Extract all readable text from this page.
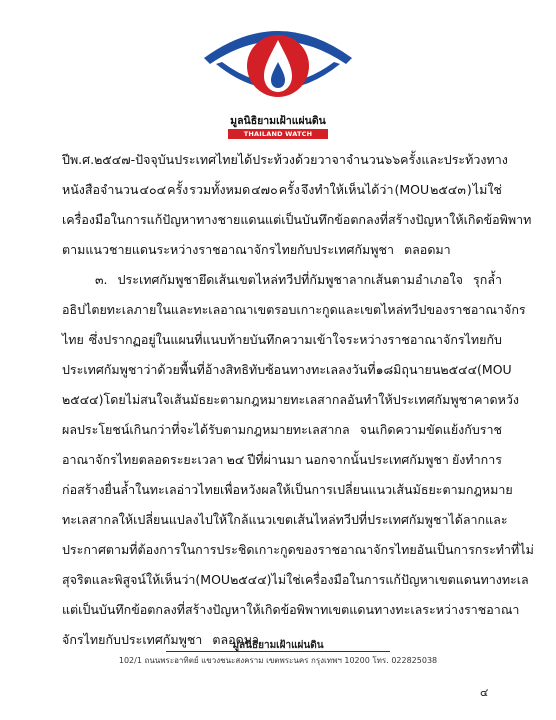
มูลนิธิยามเฝ้าแผ่นดิน
THAILAND WATCH FOUNDATION
ปี พ.ศ. ๒๕๔๗-ปัจจุบัน ประเทศไทยได้ประท้วงด้วยวาจาจำนวน ๖๖ ครั้งและประท้วงทาง
หนังสือจำนวน ๔๐๔ ครั้ง รวมทั้งหมด ๔๗๐ ครั้ง จึงทำให้เห็นได้ว่า (MOU ๒๕๔๓ ) ไม่ใช่
เครื่องมือในการแก้ปัญหาทางชายแดน แต่เป็นบันทึกข้อตกลงที่สร้างปัญหาให้เกิดข้อพิพาท
ตามแนวชายแดนระหว่างราชอาณาจักรไทยกับประเทศกัมพูชา ตลอดมา
๓. ประเทศกัมพูชายึดเส้นเขตไหล่ทวีปที่กัมพูชาลากเส้นตามอำเภอใจ รุกล้ำ
อธิปไตยทะเลภายในและทะเลอาณาเขตรอบเกาะกูด และเขตไหล่ทวีปของราชอาณาจักร
ไทย ซึ่งปรากฏอยู่ในแผนที่แนบท้ายบันทึกความเข้าใจระหว่างราชอาณาจักรไทยกับ
ประเทศกัมพูชา ว่าด้วยพื้นที่อ้างสิทธิทับซ้อนทางทะเล ลงวันที่ ๑๘ มิถุนายน ๒๕๔๔ (MOU
๒๕๔๔) โดยไม่สนใจเส้นมัธยะ ตามกฎหมายทะเลสากล อันทำให้ประเทศกัมพูชาคาดหวัง
ผลประโยชน์เกินกว่าที่จะได้รับตามกฎหมายทะเลสากล จนเกิดความขัดแย้งกับราช
อาณาจักรไทยตลอดระยะเวลา ๒๔ ปีที่ผ่านมา นอกจากนั้นประเทศกัมพูชา ยังทำการ
ก่อสร้างยื่นล้ำในทะเลอ่าวไทย เพื่อหวังผลให้เป็นการเปลี่ยนแนวเส้นมัธยะตามกฎหมาย
ทะเลสากล ให้เปลี่ยนแปลงไปให้ใกล้แนวเขตเส้นไหล่ทวีปที่ประเทศกัมพูชาได้ลากและ
ประกาศตามที่ต้องการในการประชิดเกาะกูดของราชอาณาจักรไทย อันเป็นการกระทำที่ไม่
สุจริต และพิสูจน์ให้เห็นว่า (MOU ๒๕๔๔)ไม่ใช่เครื่องมือในการแก้ปัญหาเขตแดนทางทะเล
แต่เป็นบันทึกข้อตกลงที่สร้างปัญหาให้เกิดข้อพิพาทเขตแดนทางทะเล ระหว่างราชอาณา
จักรไทยกับประเทศกัมพูชา ตลอดมา
มูลนิธิยามเฝ้าแผ่นดิน
102/1 ถนนพระอาทิตย์ แขวงชนะสงคราม เขตพระนคร กรุงเทพฯ 10200 โทร. 022825038
๔
